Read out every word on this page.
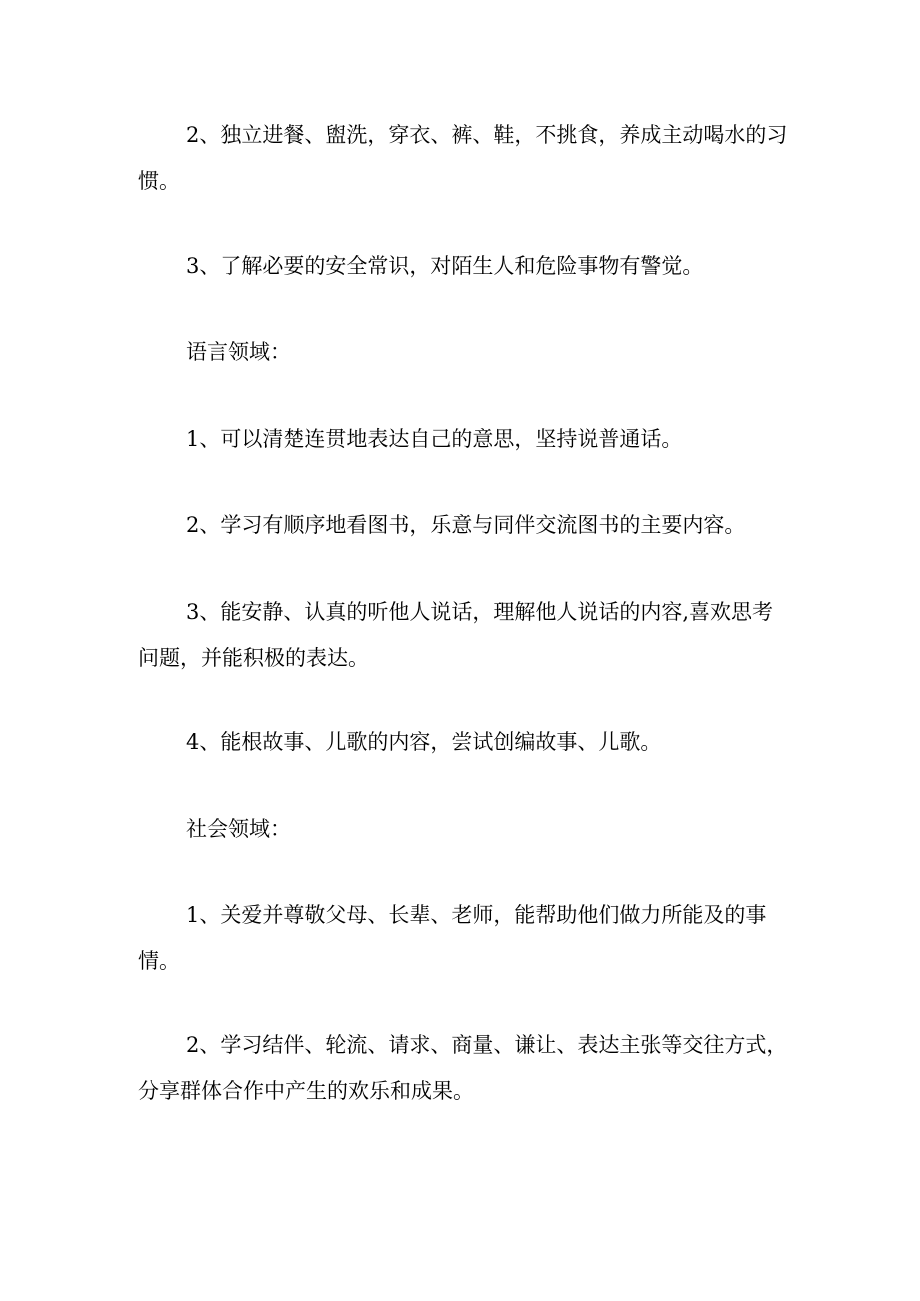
2、独立进餐、盥洗，穿衣、裤、鞋，不挑食，养成主动喝水的习惯。

3、了解必要的安全常识，对陌生人和危险事物有警觉。

语言领域：

1、可以清楚连贯地表达自己的意思，坚持说普通话。

2、学习有顺序地看图书，乐意与同伴交流图书的主要内容。

3、能安静、认真的听他人说话，理解他人说话的内容,喜欢思考问题，并能积极的表达。

4、能根故事、儿歌的内容，尝试创编故事、儿歌。

社会领域：

1、关爱并尊敬父母、长辈、老师，能帮助他们做力所能及的事情。

2、学习结伴、轮流、请求、商量、谦让、表达主张等交往方式，分享群体合作中产生的欢乐和成果。
